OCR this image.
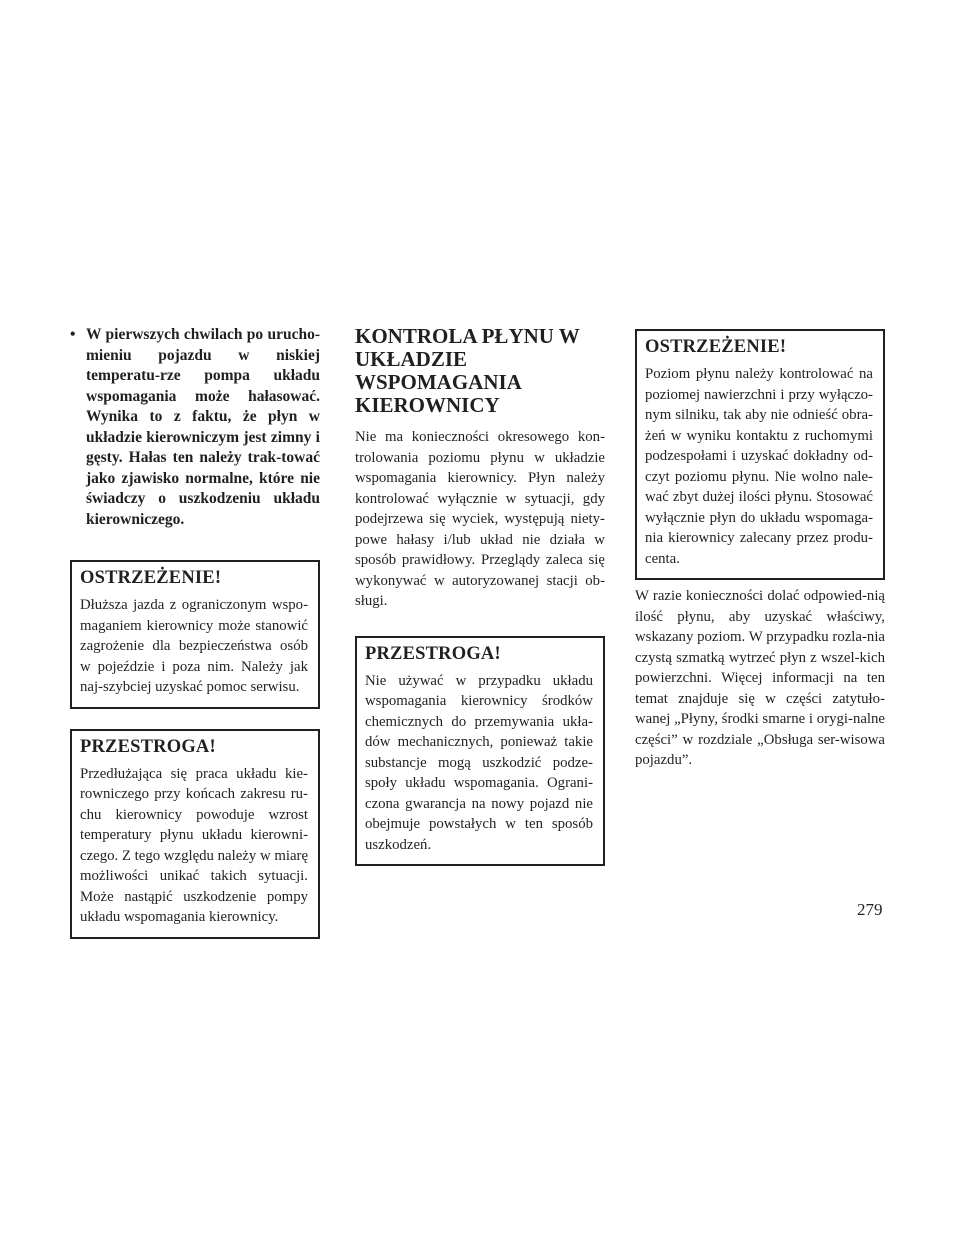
• W pierwszych chwilach po urucho-mieniu pojazdu w niskiej temperatu-rze pompa układu wspomagania może hałasować. Wynika to z faktu, że płyn w układzie kierowniczym jest zimny i gęsty. Hałas ten należy trak-tować jako zjawisko normalne, które nie świadczy o uszkodzeniu układu kierowniczego.
OSTRZEŻENIE!

Dłuższa jazda z ograniczonym wspo-maganiem kierownicy może stanowić zagrożenie dla bezpieczeństwa osób w pojeździe i poza nim. Należy jak naj-szybciej uzyskać pomoc serwisu.

PRZESTROGA!

Przedłużająca się praca układu kie-rowniczego przy końcach zakresu ru-chu kierownicy powoduje wzrost temperatury płynu układu kierowni-czego. Z tego względu należy w miarę możliwości unikać takich sytuacji. Może nastąpić uszkodzenie pompy układu wspomagania kierownicy.

KONTROLA PŁYNU W UKŁADZIE WSPOMAGANIA KIEROWNICY

Nie ma konieczności okresowego kon-trolowania poziomu płynu w układzie wspomagania kierownicy. Płyn należy kontrolować wyłącznie w sytuacji, gdy podejrzewa się wyciek, występują niety-powe hałasy i/lub układ nie działa w sposób prawidłowy. Przeglądy zaleca się wykonywać w autoryzowanej stacji ob-sługi.

PRZESTROGA!

Nie używać w przypadku układu wspomagania kierownicy środków chemicznych do przemywania ukła-dów mechanicznych, ponieważ takie substancje mogą uszkodzić podze-społy układu wspomagania. Ograni-czona gwarancja na nowy pojazd nie obejmuje powstałych w ten sposób uszkodzeń.

OSTRZEŻENIE!

Poziom płynu należy kontrolować na poziomej nawierzchni i przy wyłączo-nym silniku, tak aby nie odnieść obra-żeń w wyniku kontaktu z ruchomymi podzespołami i uzyskać dokładny od-czyt poziomu płynu. Nie wolno nale-wać zbyt dużej ilości płynu. Stosować wyłącznie płyn do układu wspomaga-nia kierownicy zalecany przez produ-centa.

W razie konieczności dolać odpowied-nią ilość płynu, aby uzyskać właściwy, wskazany poziom. W przypadku rozla-nia czystą szmatką wytrzeć płyn z wszel-kich powierzchni. Więcej informacji na ten temat znajduje się w części zatytuło-wanej „Płyny, środki smarne i orygi-nalne części” w rozdziale „Obsługa ser-wisowa pojazdu”.

279
